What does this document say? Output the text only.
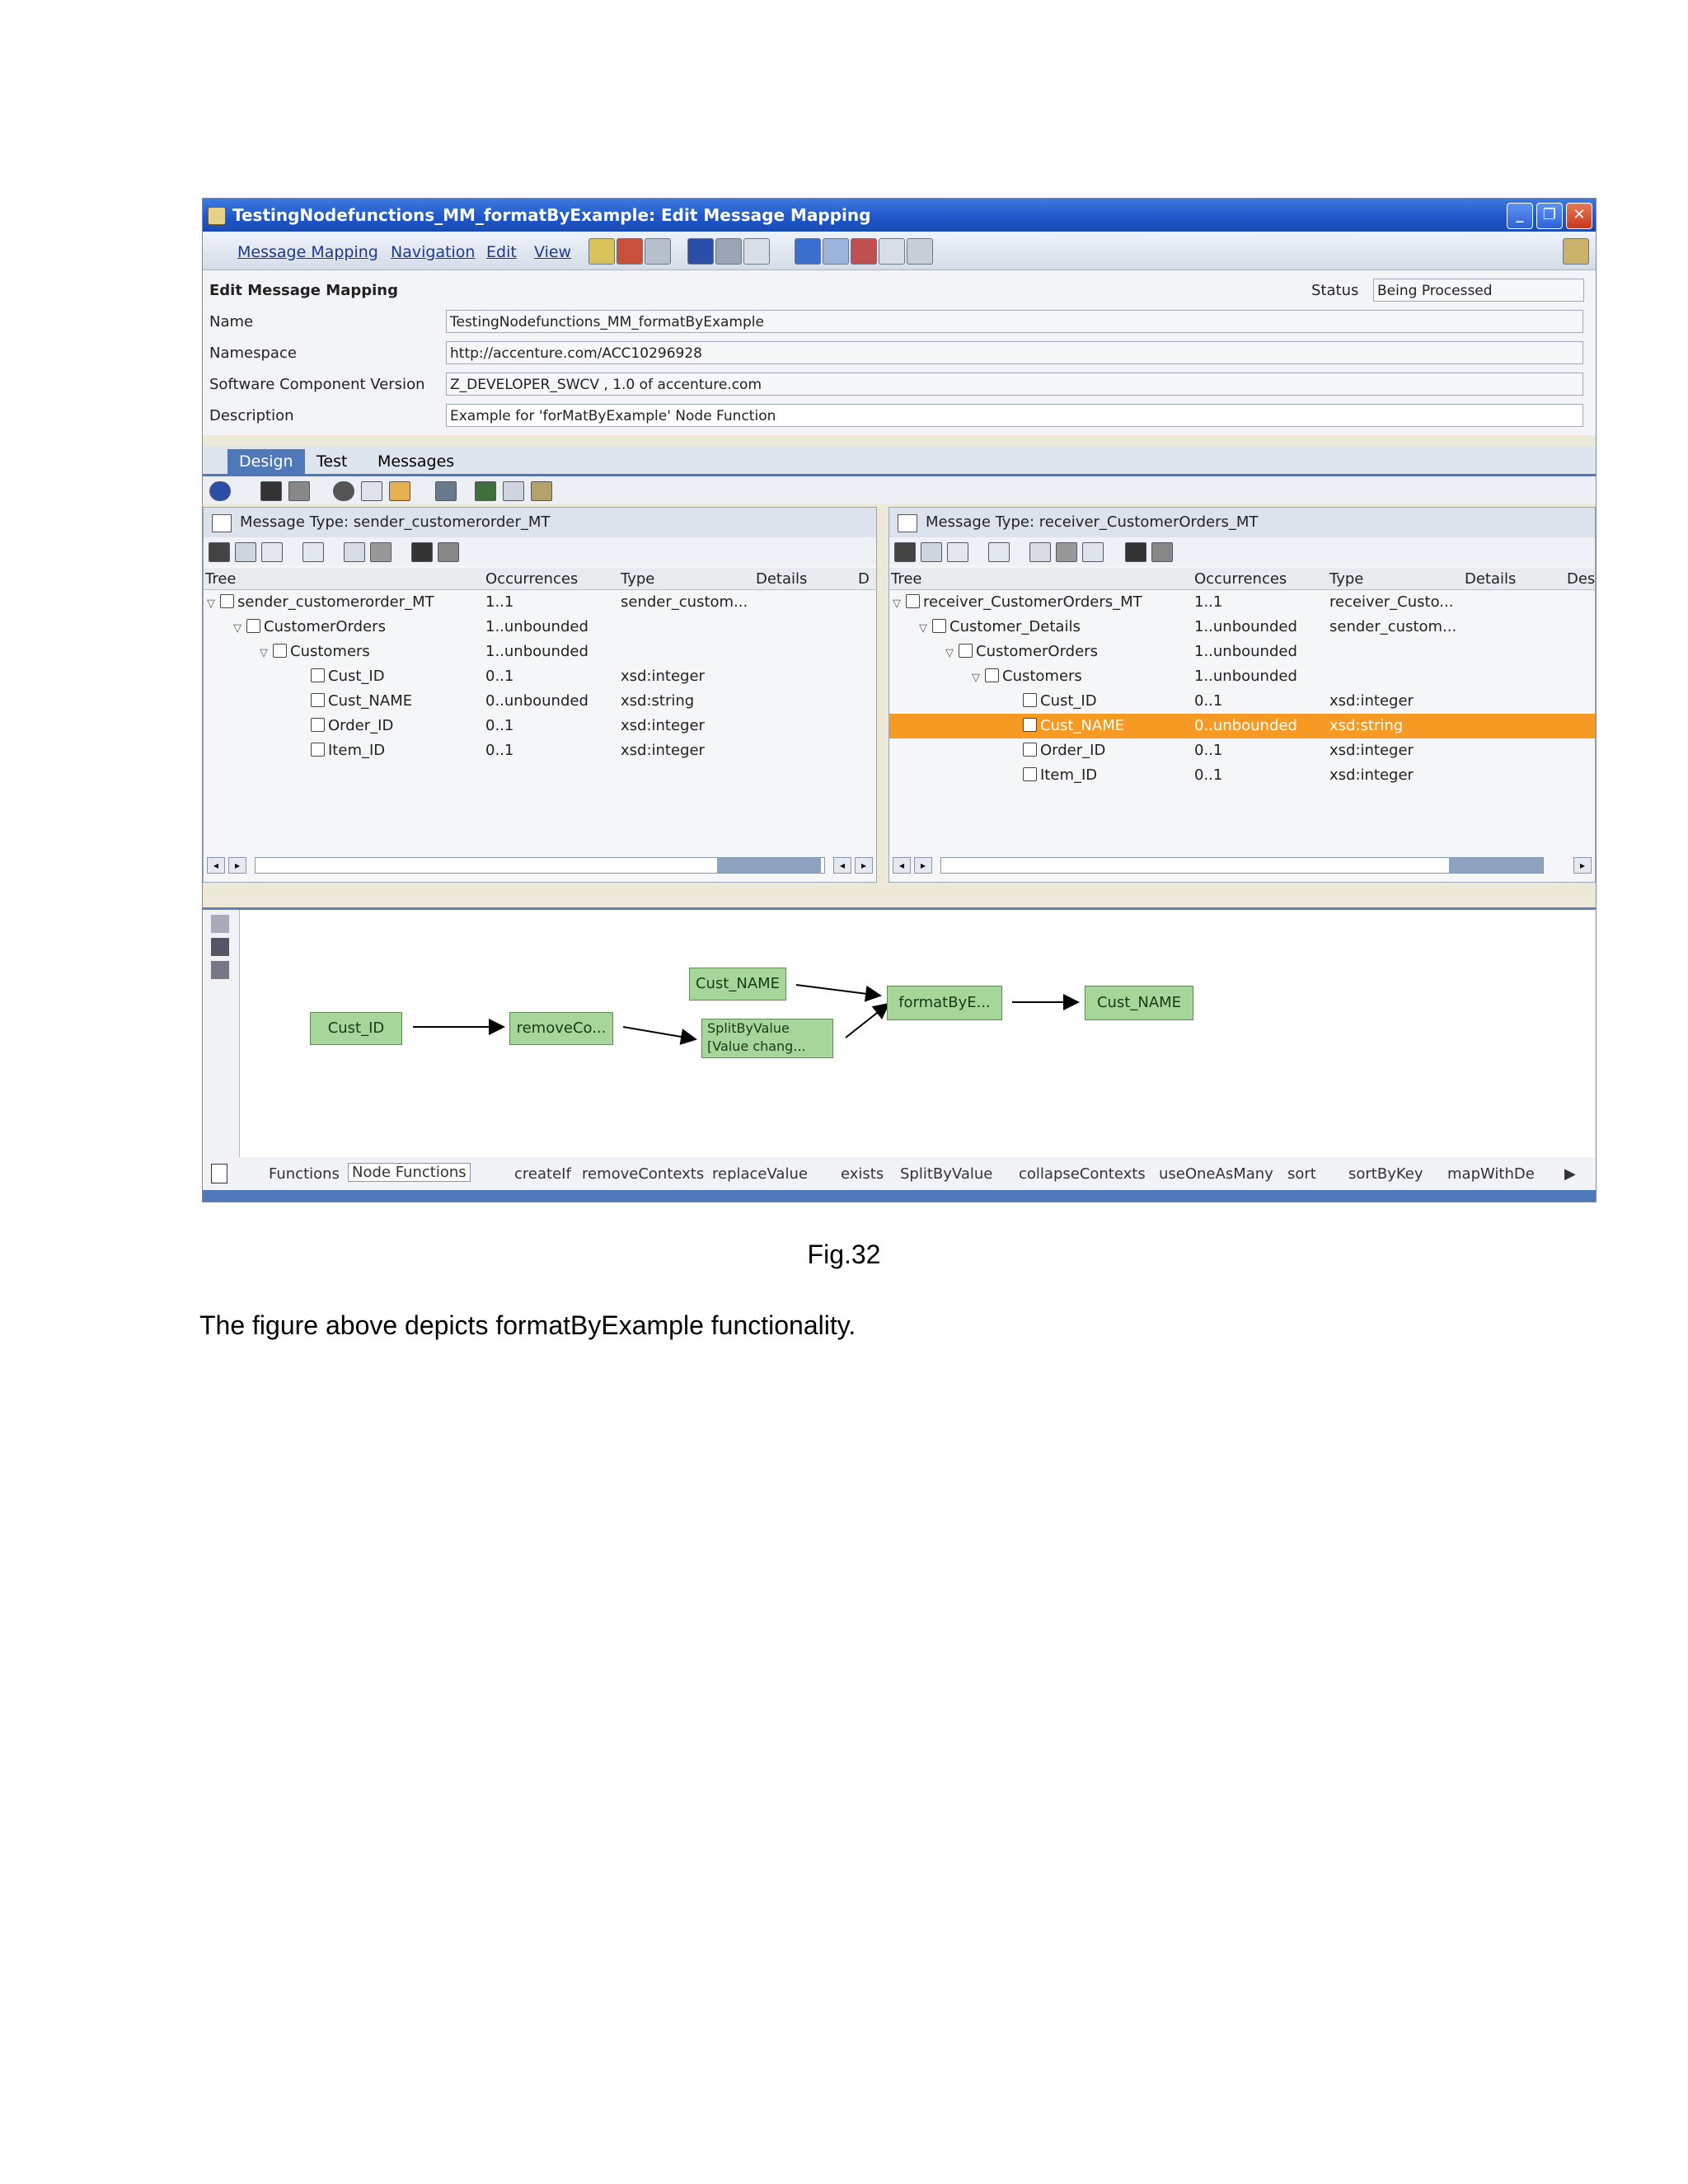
TestingNodefunctions_MM_formatByExample: Edit Message Mapping	_	❐	✕
Message Mapping Navigation Edit View
Edit Message Mapping	Status Being Processed
Name	TestingNodefunctions_MM_formatByExample
Namespace	http://accenture.com/ACC10296928
Software Component Version Z_DEVELOPER_SWCV , 1.0 of accenture.com
Description	Example for 'forMatByExample' Node Function
Design	Test	Messages
Message Type: sender_customerorder_MT
Tree	Occurrences	Type	Details	D
▽ sender_customerorder_MT	1..1	sender_custom...
▽ CustomerOrders	1..unbounded
▽ Customers	1..unbounded
Cust_ID	0..1	xsd:integer
Cust_NAME	0..unbounded xsd:string
Order_ID	0..1	xsd:integer
Item_ID	0..1	xsd:integer
◂	▸	◂	▸
Message Type: receiver_CustomerOrders_MT
Tree	Occurrences	Type	Details	Des
▽ receiver_CustomerOrders_MT	1..1	receiver_Custo...
▽ Customer_Details	1..unbounded sender_custom...
▽ CustomerOrders	1..unbounded
▽ Customers	1..unbounded
Cust_ID	0..1	xsd:integer
Cust_NAME	0..unbounded xsd:string
Order_ID	0..1	xsd:integer
Item_ID	0..1	xsd:integer
◂	▸	▸
Cust_ID	removeCo...
Cust_NAME
SplitByValue
[Value chang...
formatByE...	Cust_NAME
Functions Node Functions	createIf removeContexts replaceValue exists SplitByValue collapseContexts useOneAsMany sort sortByKey mapWithDe ▶
Fig.32
The figure above depicts formatByExample functionality.
